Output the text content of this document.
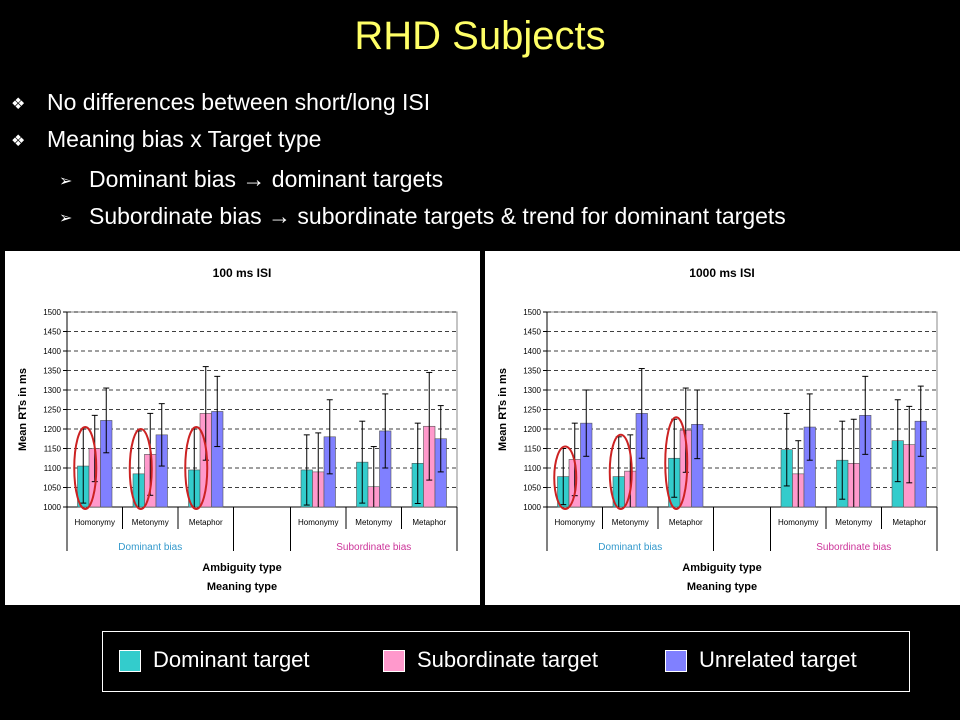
RHD Subjects
❖ No differences between short/long ISI
❖ Meaning bias x Target type
➢ Dominant bias → dominant targets
➢ Subordinate bias → subordinate targets & trend for dominant targets
100 ms ISI
1000
1050
1100
1150
1200
1250
1300
1350
1400
1450
1500
Mean RTs in ms
Homonymy Metonymy	Metaphor	Homonymy Metonymy	Metaphor
Dominant bias	Subordinate bias
Ambiguity type
Meaning type
1000 ms ISI
1000
1050
1100
1150
1200
1250
1300
1350
1400
1450
1500
Mean RTs in ms
Homonymy Metonymy	Metaphor	Homonymy Metonymy	Metaphor
Dominant bias	Subordinate bias
Ambiguity type
Meaning type
Dominant target	Subordinate target	Unrelated target
